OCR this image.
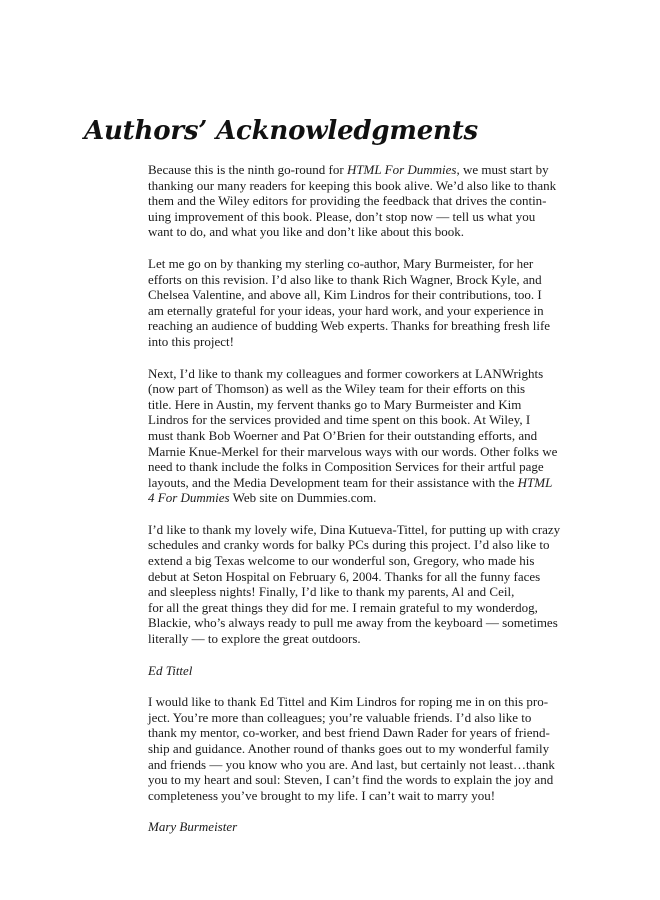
Authors’ Acknowledgments

Because this is the ninth go-round for HTML For Dummies, we must start by
thanking our many readers for keeping this book alive. We’d also like to thank
them and the Wiley editors for providing the feedback that drives the contin-
uing improvement of this book. Please, don’t stop now — tell us what you
want to do, and what you like and don’t like about this book.

Let me go on by thanking my sterling co-author, Mary Burmeister, for her
efforts on this revision. I’d also like to thank Rich Wagner, Brock Kyle, and
Chelsea Valentine, and above all, Kim Lindros for their contributions, too. I
am eternally grateful for your ideas, your hard work, and your experience in
reaching an audience of budding Web experts. Thanks for breathing fresh life
into this project!

Next, I’d like to thank my colleagues and former coworkers at LANWrights
(now part of Thomson) as well as the Wiley team for their efforts on this
title. Here in Austin, my fervent thanks go to Mary Burmeister and Kim
Lindros for the services provided and time spent on this book. At Wiley, I
must thank Bob Woerner and Pat O’Brien for their outstanding efforts, and
Marnie Knue-Merkel for their marvelous ways with our words. Other folks we
need to thank include the folks in Composition Services for their artful page
layouts, and the Media Development team for their assistance with the HTML
4 For Dummies Web site on Dummies.com.

I’d like to thank my lovely wife, Dina Kutueva-Tittel, for putting up with crazy
schedules and cranky words for balky PCs during this project. I’d also like to
extend a big Texas welcome to our wonderful son, Gregory, who made his
debut at Seton Hospital on February 6, 2004. Thanks for all the funny faces
and sleepless nights! Finally, I’d like to thank my parents, Al and Ceil,
for all the great things they did for me. I remain grateful to my wonderdog,
Blackie, who’s always ready to pull me away from the keyboard — sometimes
literally — to explore the great outdoors.

Ed Tittel

I would like to thank Ed Tittel and Kim Lindros for roping me in on this pro-
ject. You’re more than colleagues; you’re valuable friends. I’d also like to
thank my mentor, co-worker, and best friend Dawn Rader for years of friend-
ship and guidance. Another round of thanks goes out to my wonderful family
and friends — you know who you are. And last, but certainly not least…thank
you to my heart and soul: Steven, I can’t find the words to explain the joy and
completeness you’ve brought to my life. I can’t wait to marry you!

Mary Burmeister
